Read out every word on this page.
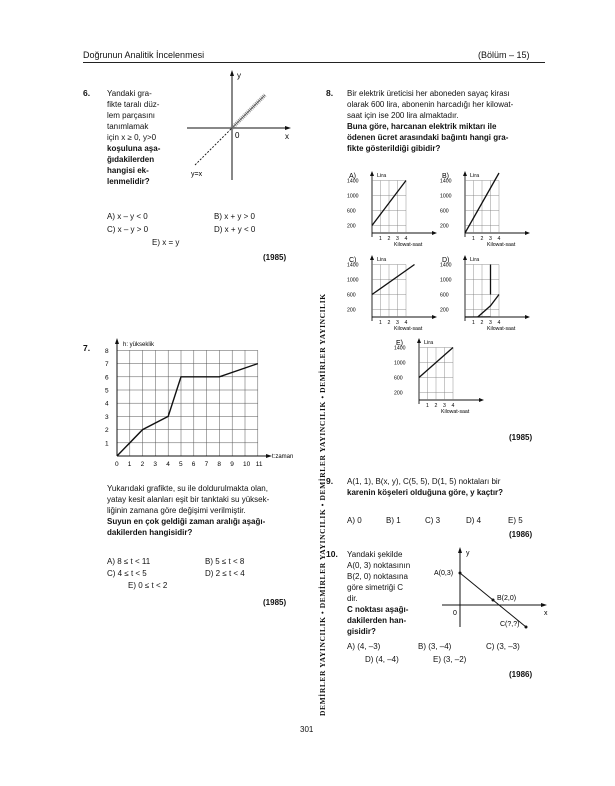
Doğrunun Analitik İncelenmesi	(Bölüm – 15)
DEMİRLER YAYINCILIK • DEMİRLER YAYINCILIK • DEMİRLER YAYINCILIK • DEMİRLER YAYINCILIK
6. Yandaki gra-
fikte taralı düz-
lem parçasını
tanımlamak
için x ≥ 0, y>0
koşuluna aşa-
ğıdakilerden
hangisi ek-
lenmelidir?
y
x
0
y=x
A) x – y < 0	B) x + y > 0
C) x – y > 0	D) x + y < 0
E) x = y
(1985)
7.	h: yükseklik
t:zaman
1
2
3
4
5
6
7
8
0 1 2 3 4 5 6 7 8 9 10 11
Yukarıdaki grafikte, su ile doldurulmakta olan,
yatay kesit alanları eşit bir tanktaki su yüksek-
liğinin zamana göre değişimi verilmiştir.
Suyun en çok geldiği zaman aralığı aşağı-
dakilerden hangisidir?
A) 8 ≤ t < 11	B) 5 ≤ t < 8
C) 4 ≤ t < 5	D) 2 ≤ t < 4
E) 0 ≤ t < 2
(1985)
8. Bir elektrik üreticisi her aboneden sayaç kirası
olarak 600 lira, abonenin harcadığı her kilowat-
saat için ise 200 lira almaktadır.
Buna göre, harcanan elektrik miktarı ile
ödenen ücret arasındaki bağıntı hangi gra-
fikte gösterildiği gibidir?
A)	Lira
1400
1000
600
200
1 2 3 4
Kilowat-saat
B)	Lira
1400
1000
600
200
1 2 3 4
Kilowat-saat
C)	Lira
1400
1000
600
200
1 2 3 4
Kilowat-saat
D)	Lira
1400
1000
600
200
1 2 3 4
Kilowat-saat
E)	Lira
1400
1000
600
200
1 2 3 4
Kilowat-saat
(1985)
9. A(1, 1), B(x, y), C(5, 5), D(1, 5) noktaları bir
karenin köşeleri olduğuna göre, y kaçtır?
A) 0	B) 1	C) 3	D) 4	E) 5
(1986)
10. Yandaki şekilde
A(0, 3) noktasının
B(2, 0) noktasına
göre simetriği C
dir.
C noktası aşağı-
dakilerden han-
gisidir?
y
x
0
A(0,3)
B(2,0)
C(?,?)
A) (4, –3)	B) (3, –4)	C) (3, –3)
D) (4, –4)	E) (3, –2)
(1986)
301
